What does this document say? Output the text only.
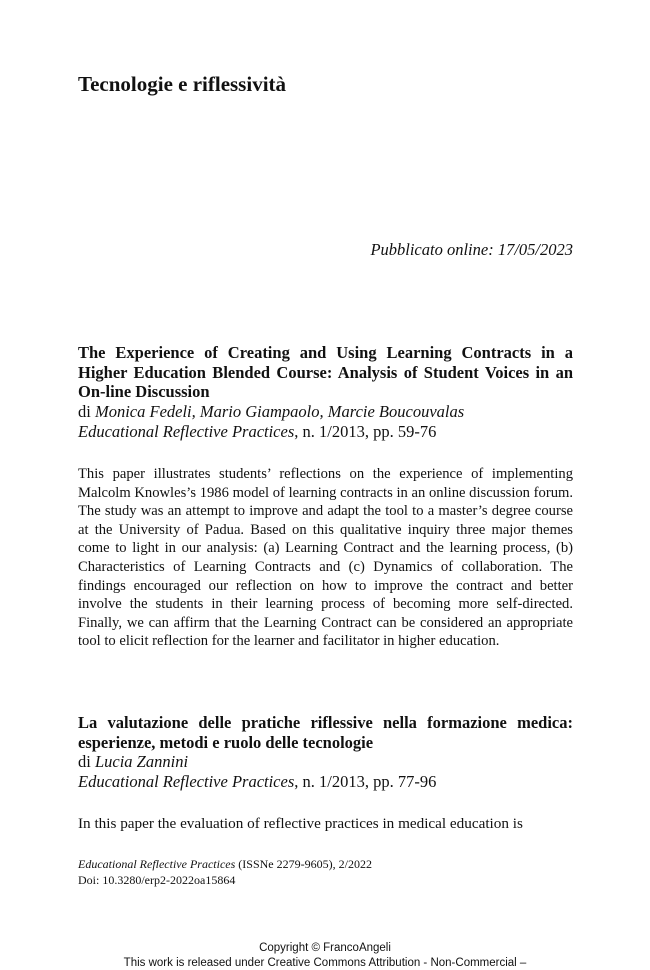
Tecnologie e riflessività
Pubblicato online: 17/05/2023

The Experience of Creating and Using Learning Contracts in a Higher Education Blended Course: Analysis of Student Voices in an On-line Discussion

di Monica Fedeli, Mario Giampaolo, Marcie Boucouvalas
Educational Reflective Practices, n. 1/2013, pp. 59-76

This paper illustrates students’ reflections on the experience of implementing Malcolm Knowles’s 1986 model of learning contracts in an online discussion forum. The study was an attempt to improve and adapt the tool to a master’s degree course at the University of Padua. Based on this qualitative inquiry three major themes come to light in our analysis: (a) Learning Contract and the learning process, (b) Characteristics of Learning Contracts and (c) Dynamics of collaboration. The findings encouraged our reflection on how to improve the contract and better involve the students in their learning process of becoming more self-directed. Finally, we can affirm that the Learning Contract can be considered an appropriate tool to elicit reflection for the learner and facilitator in higher education.

La valutazione delle pratiche riflessive nella formazione medica: esperienze, metodi e ruolo delle tecnologie

di Lucia Zannini
Educational Reflective Practices, n. 1/2013, pp. 77-96

In this paper the evaluation of reflective practices in medical education is

Educational Reflective Practices (ISSNe 2279-9605), 2/2022
Doi: 10.3280/erp2-2022oa15864
Copyright © FrancoAngeli
This work is released under Creative Commons Attribution - Non-Commercial –
